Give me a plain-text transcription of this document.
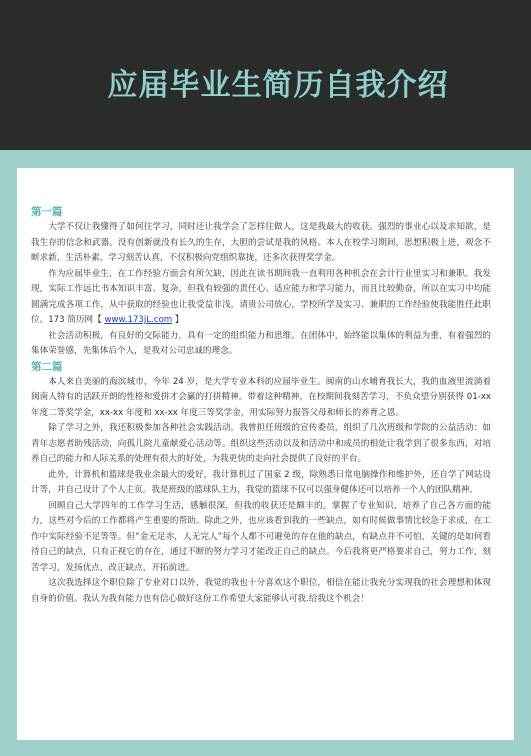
应届毕业生简历自我介绍
第一篇

大学不仅让我懂得了如何往学习，同时还让我学会了怎样往做人，这是我最大的收获。强烈的事业心以及求知欲，是我生存的信念和武器。没有创新就没有长久的生存，大胆的尝试是我的风格。本人在校学习期间，思想积极上进，观念不断求新，生活朴素，学习刻苦认真，不仅积极向党组织靠拢，还多次获得奖学金。

作为应届毕业生，在工作经验方面会有所欠缺，因此在读书期间我一直利用各种机会在会计行业里实习和兼职。我发现，实际工作远比书本知识丰富、复杂，但我有较强的责任心、适应能力和学习能力，而且比较勤奋，所以在实习中均能圆满完成各项工作，从中获取的经验也让我受益非浅，请贵公司放心，学校所学及实习、兼职的工作经验使我能胜任此职位。173 简历网【 www.173jL.com 】

社会活动积极，有良好的交际能力，具有一定的组织能力和思维。在团体中，始终能以集体的利益为重，有着强烈的集体荣誉感，先集体后个人，是我对公司忠诚的理念。

第二篇

本人来自美丽的海滨城市，今年 24 岁，是大学专业本科的应届毕业生。闽南的山水哺育我长大，我的血液里流淌着闽南人特有的活跃开朗的性格和爱拼才会赢的打拼精神。带着这种精神，在校期间我刻苦学习，不负众望分别获得 01-xx 年度二等奖学金，xx-xx 年度和 xx-xx 年度三等奖学金，用实际努力报答父母和师长的养育之恩。

除了学习之外，我还积极参加各种社会实践活动。我曾担任班级的宣传委员，组织了几次班级和学院的公益活动：如青年志愿者助残活动，向孤儿院儿童献爱心活动等。组织这些活动以及和活动中和成员的相处让我学到了很多东西，对培养自己的能力和人际关系的处理有很大的好处，为我更快的走向社会提供了良好的平台。

此外，计算机和篮球是我业余最大的爱好，我计算机过了国家 2 级，除熟悉日常电脑操作和维护外，还自学了网站设计等，并自己设计了个人主页。我是班级的篮球队主力，我觉的篮球不仅可以强身健体还可以培养一个人的团队精神。

回顾自己大学四年的工作学习生活，感触很深，但我的收获还是颇丰的。掌握了专业知识，培养了自己各方面的能力，这些对今后的工作都将产生重要的帮助。除此之外，也应该看到我的一些缺点，如有时候做事情比较急于求成，在工作中实际经验不足等等。但“金无足赤，人无完人”每个人都不可避免的存在他的缺点，有缺点并不可怕，关键的是如何看待自己的缺点，只有正视它的存在，通过不断的努力学习才能改正自己的缺点。今后我将更严格要求自己，努力工作，刻苦学习，发扬优点，改正缺点，开拓前进。

这次我选择这个职位除了专业对口以外，我觉的我也十分喜欢这个职位，相信在能让我充分实现我的社会理想和体现自身的价值。我认为我有能力也有信心做好这份工作希望大家能够认可我.给我这个机会！
